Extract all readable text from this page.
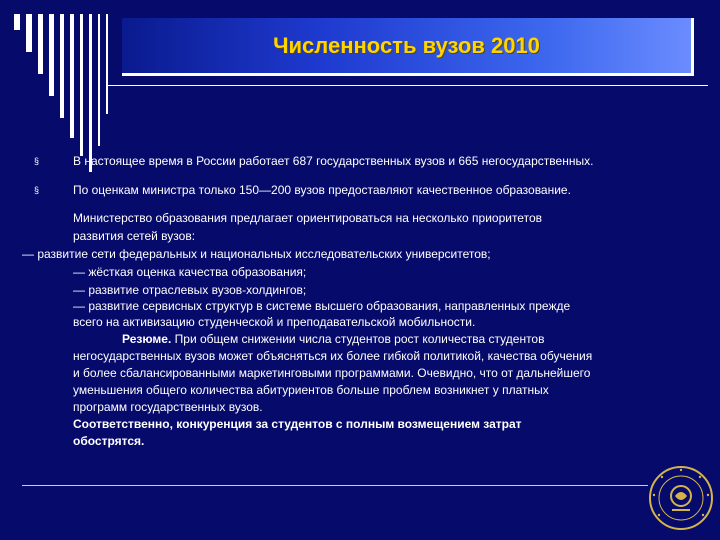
Численность вузов 2010
§	В настоящее время в России работает 687 государственных вузов и 665 негосударственных.
§	По оценкам министра только 150—200 вузов предоставляют качественное образование.
Министерство образования предлагает ориентироваться на несколько приоритетов
развития сетей вузов:
— развитие сети федеральных и национальных исследовательских университетов;
— жёсткая оценка качества образования;
— развитие отраслевых вузов-холдингов;
— развитие сервисных структур в системе высшего образования, направленных прежде
всего на активизацию студенческой и преподавательской мобильности.
Резюме. При общем снижении числа студентов рост количества студентов
негосударственных вузов может объясняться их более гибкой политикой, качества обучения
и более сбалансированными маркетинговыми программами. Очевидно, что от дальнейшего
уменьшения общего количества абитуриентов больше проблем возникнет у платных
программ государственных вузов.
Соответственно, конкуренция за студентов с полным возмещением затрат
обострятся.
